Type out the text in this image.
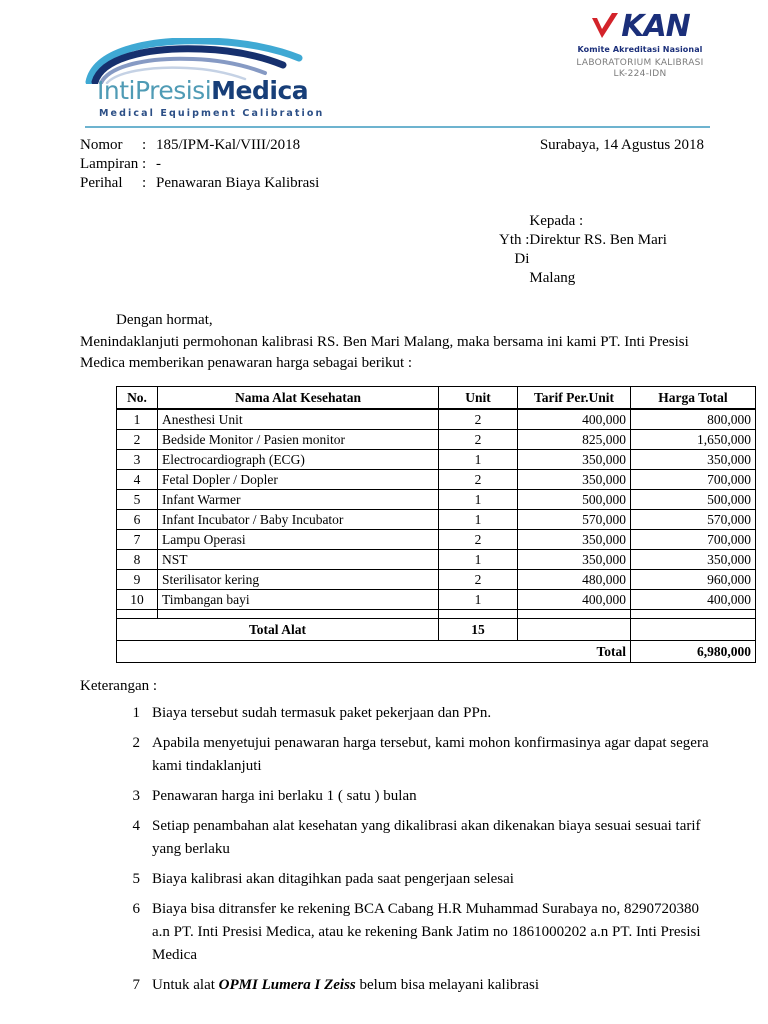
IntiPresisiMedica
Medical Equipment Calibration
KAN
Komite Akreditasi Nasional
LABORATORIUM KALIBRASI
LK-224-IDN
Nomor	:	185/IPM-Kal/VIII/2018
Lampiran	:	-
Perihal	:	Penawaran Biaya Kalibrasi
Surabaya, 14 Agustus 2018
	Kepada :
Yth :	Direktur RS. Ben Mari
Di	
	Malang
Dengan hormat,
Menindaklanjuti permohonan kalibrasi RS. Ben Mari Malang, maka bersama ini kami PT. Inti Presisi Medica memberikan penawaran harga sebagai berikut :
No.	Nama Alat Kesehatan	Unit	Tarif Per.Unit	Harga Total
1	Anesthesi Unit	2	400,000	800,000
2	Bedside Monitor / Pasien monitor	2	825,000	1,650,000
3	Electrocardiograph (ECG)	1	350,000	350,000
4	Fetal Dopler / Dopler	2	350,000	700,000
5	Infant Warmer	1	500,000	500,000
6	Infant Incubator / Baby Incubator	1	570,000	570,000
7	Lampu Operasi	2	350,000	700,000
8	NST	1	350,000	350,000
9	Sterilisator kering	2	480,000	960,000
10	Timbangan bayi	1	400,000	400,000

Total Alat		15		
Total				6,980,000
Keterangan :
1 Biaya tersebut sudah termasuk paket pekerjaan dan PPn.
2 Apabila menyetujui penawaran harga tersebut, kami mohon konfirmasinya agar dapat segera kami tindaklanjuti
3 Penawaran harga ini berlaku 1 ( satu ) bulan
4 Setiap penambahan alat kesehatan yang dikalibrasi akan dikenakan biaya sesuai sesuai tarif yang berlaku
5 Biaya kalibrasi akan ditagihkan pada saat pengerjaan selesai
6 Biaya bisa ditransfer ke rekening BCA Cabang H.R Muhammad Surabaya no, 8290720380 a.n PT. Inti Presisi Medica, atau ke rekening Bank Jatim no 1861000202 a.n PT. Inti Presisi Medica
7 Untuk alat OPMI Lumera I Zeiss belum bisa melayani kalibrasi
